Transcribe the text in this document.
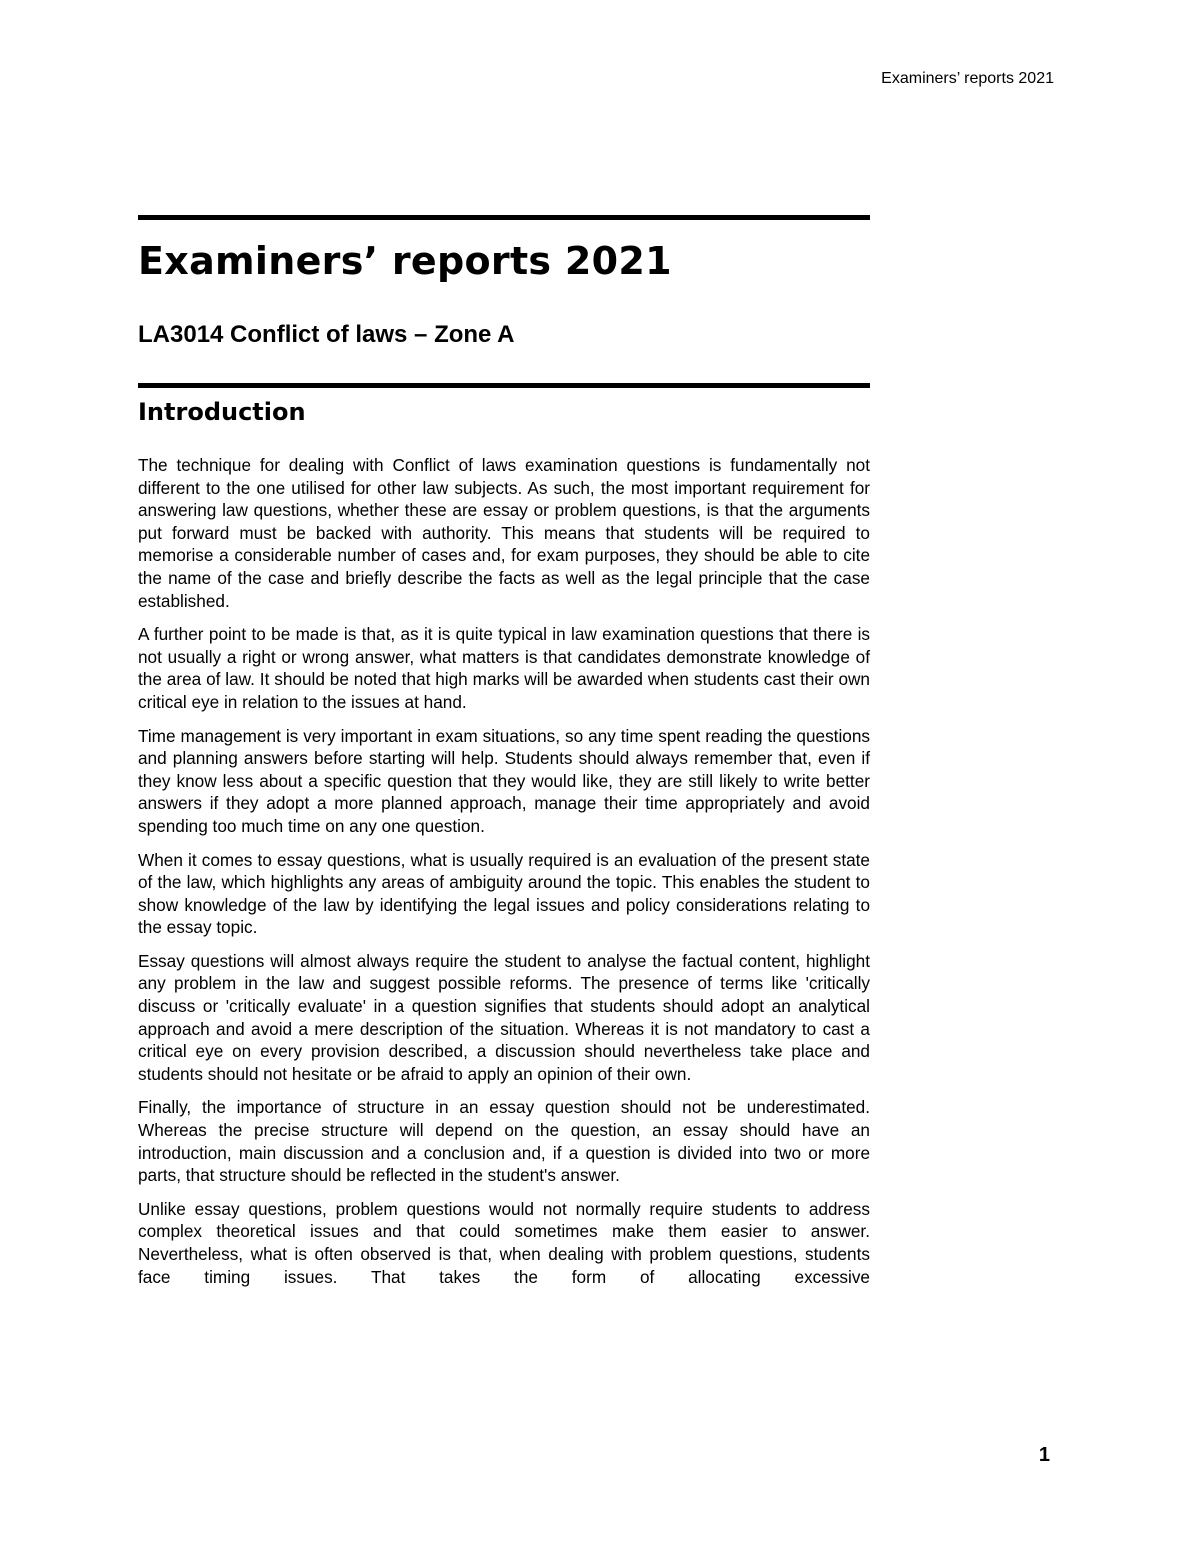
Examiners’ reports 2021
Examiners’ reports 2021
LA3014 Conflict of laws – Zone A
Introduction

The technique for dealing with Conflict of laws examination questions is fundamentally not different to the one utilised for other law subjects. As such, the most important requirement for answering law questions, whether these are essay or problem questions, is that the arguments put forward must be backed with authority. This means that students will be required to memorise a considerable number of cases and, for exam purposes, they should be able to cite the name of the case and briefly describe the facts as well as the legal principle that the case established.

A further point to be made is that, as it is quite typical in law examination questions that there is not usually a right or wrong answer, what matters is that candidates demonstrate knowledge of the area of law. It should be noted that high marks will be awarded when students cast their own critical eye in relation to the issues at hand.

Time management is very important in exam situations, so any time spent reading the questions and planning answers before starting will help. Students should always remember that, even if they know less about a specific question that they would like, they are still likely to write better answers if they adopt a more planned approach, manage their time appropriately and avoid spending too much time on any one question.

When it comes to essay questions, what is usually required is an evaluation of the present state of the law, which highlights any areas of ambiguity around the topic. This enables the student to show knowledge of the law by identifying the legal issues and policy considerations relating to the essay topic.

Essay questions will almost always require the student to analyse the factual content, highlight any problem in the law and suggest possible reforms. The presence of terms like 'critically discuss or 'critically evaluate' in a question signifies that students should adopt an analytical approach and avoid a mere description of the situation. Whereas it is not mandatory to cast a critical eye on every provision described, a discussion should nevertheless take place and students should not hesitate or be afraid to apply an opinion of their own.

Finally, the importance of structure in an essay question should not be underestimated. Whereas the precise structure will depend on the question, an essay should have an introduction, main discussion and a conclusion and, if a question is divided into two or more parts, that structure should be reflected in the student's answer.

Unlike essay questions, problem questions would not normally require students to address complex theoretical issues and that could sometimes make them easier to answer. Nevertheless, what is often observed is that, when dealing with problem questions, students face timing issues. That takes the form of allocating excessive

1
